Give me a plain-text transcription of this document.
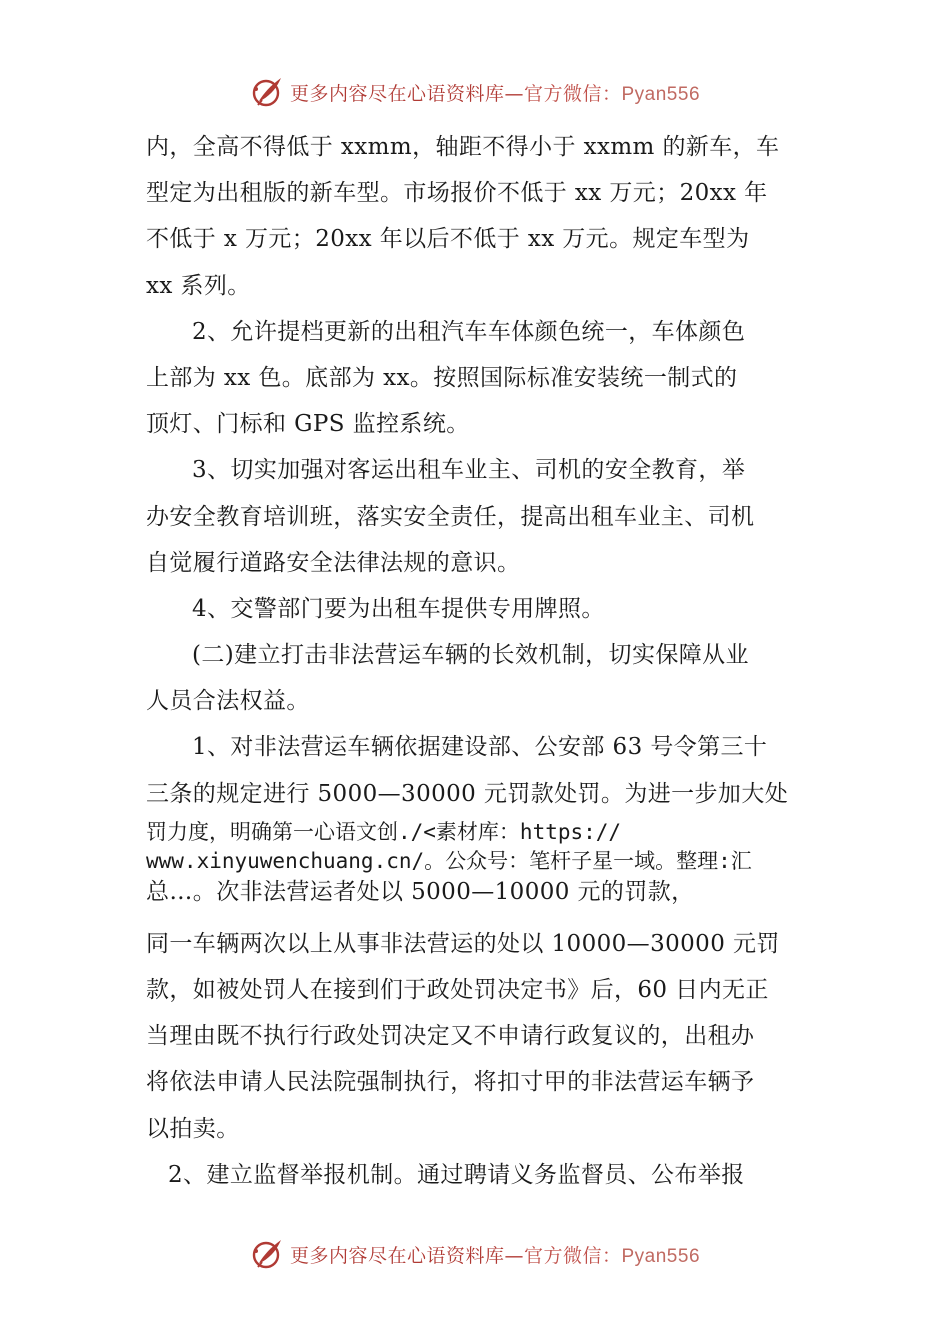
更多内容尽在心语资料库—官方微信：Pyan556
内，全高不得低于 xxmm，轴距不得小于 xxmm 的新车，车
型定为出租版的新车型。市场报价不低于 xx 万元；20xx 年
不低于 x 万元；20xx 年以后不低于 xx 万元。规定车型为
xx 系列。
2、允许提档更新的出租汽车车体颜色统一，车体颜色
上部为 xx 色。底部为 xx。按照国际标准安装统一制式的
顶灯、门标和 GPS 监控系统。
3、切实加强对客运出租车业主、司机的安全教育，举
办安全教育培训班，落实安全责任，提高出租车业主、司机
自觉履行道路安全法律法规的意识。
4、交警部门要为出租车提供专用牌照。
(二)建立打击非法营运车辆的长效机制，切实保障从业
人员合法权益。
1、对非法营运车辆依据建设部、公安部 63 号令第三十
三条的规定进行 5000—30000 元罚款处罚。为进一步加大处
罚力度，明确第一心语文创./<素材库：https://
www.xinyuwenchuang.cn/。公众号：笔杆子星一域。整理:汇
总…。次非法营运者处以 5000—10000 元的罚款，
同一车辆两次以上从事非法营运的处以 10000—30000 元罚
款，如被处罚人在接到们于政处罚决定书》后，60 日内无正
当理由既不执行行政处罚决定又不申请行政复议的，出租办
将依法申请人民法院强制执行，将扣寸甲的非法营运车辆予
以拍卖。
2、建立监督举报机制。通过聘请义务监督员、公布举报
更多内容尽在心语资料库—官方微信：Pyan556
